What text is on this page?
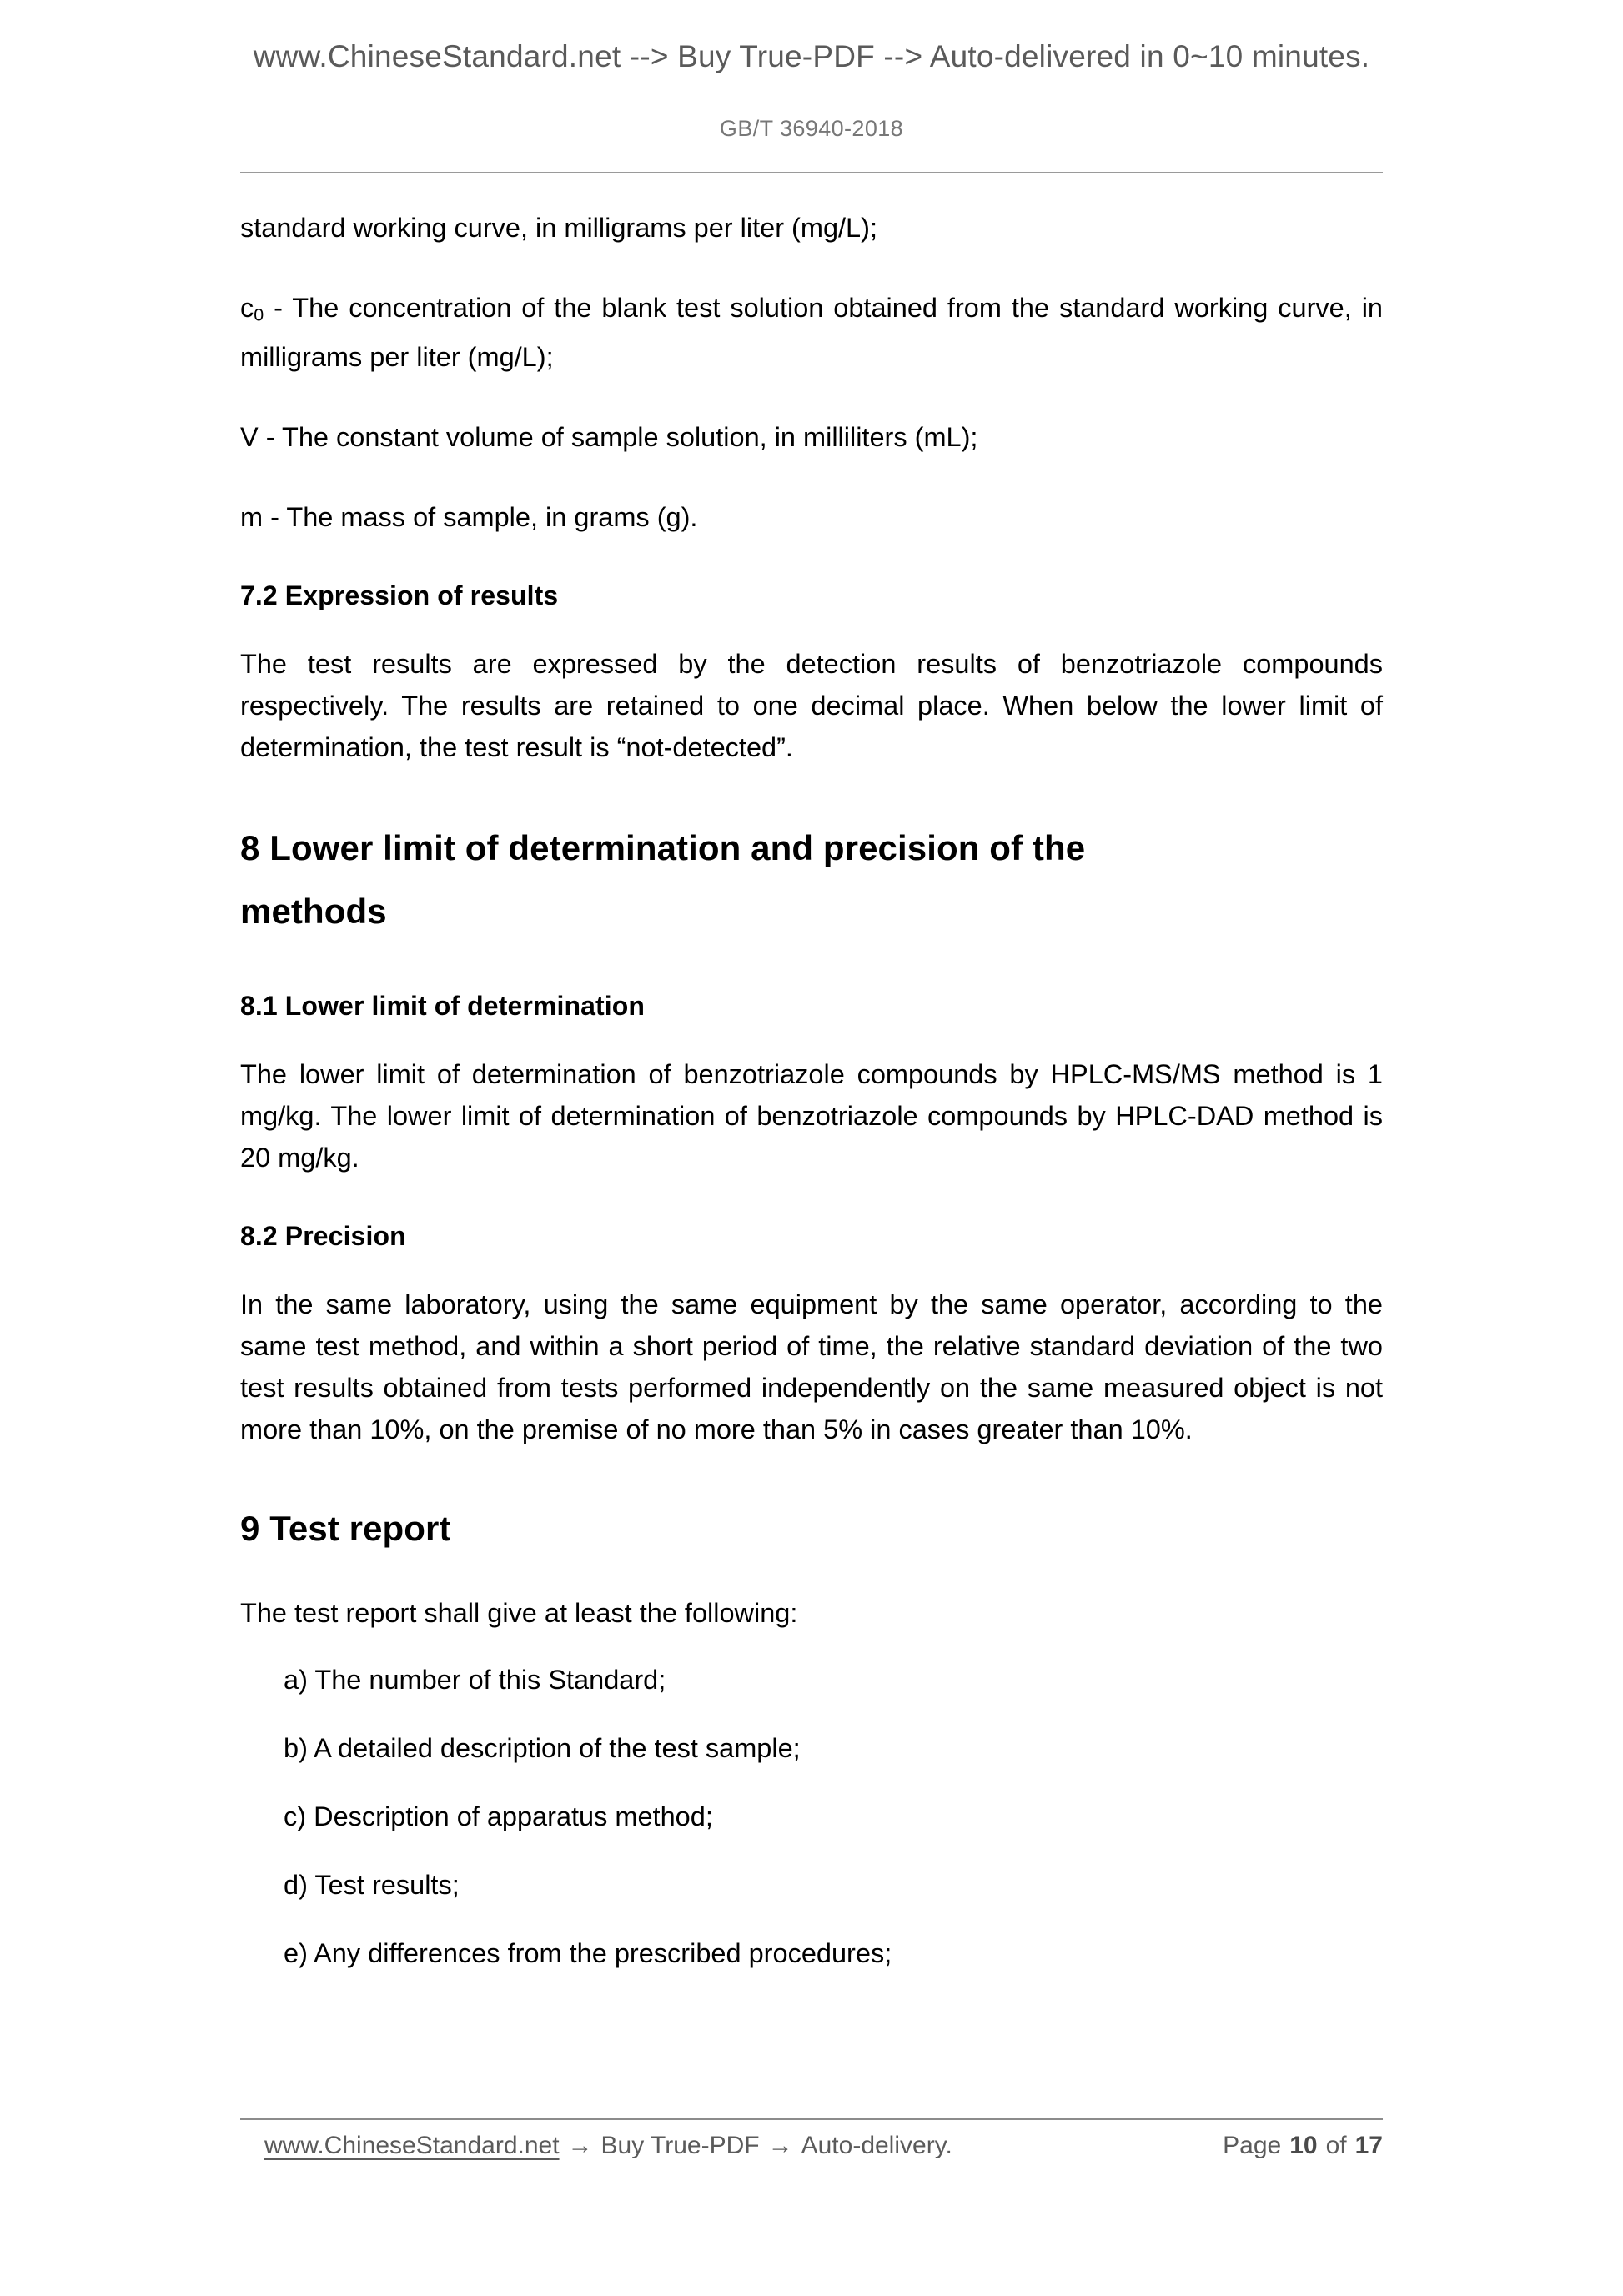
www.ChineseStandard.net --> Buy True-PDF --> Auto-delivered in 0~10 minutes.
GB/T 36940-2018

standard working curve, in milligrams per liter (mg/L);

$c_0$ - The concentration of the blank test solution obtained from the standard working curve, in milligrams per liter (mg/L);

V - The constant volume of sample solution, in milliliters (mL);

m - The mass of sample, in grams (g).

7.2 Expression of results

The test results are expressed by the detection results of benzotriazole compounds respectively. The results are retained to one decimal place. When below the lower limit of determination, the test result is “not-detected”.

8 Lower limit of determination and precision of the
methods
8.1 Lower limit of determination

The lower limit of determination of benzotriazole compounds by HPLC-MS/MS method is 1 mg/kg. The lower limit of determination of benzotriazole compounds by HPLC-DAD method is 20 mg/kg.

8.2 Precision

In the same laboratory, using the same equipment by the same operator, according to the same test method, and within a short period of time, the relative standard deviation of the two test results obtained from tests performed independently on the same measured object is not more than 10%, on the premise of no more than 5% in cases greater than 10%.

9 Test report

The test report shall give at least the following:

a) The number of this Standard;
b) A detailed description of the test sample;
c) Description of apparatus method;
d) Test results;
e) Any differences from the prescribed procedures;
www.ChineseStandard.net → Buy True-PDF → Auto-delivery.	Page 10 of 17
